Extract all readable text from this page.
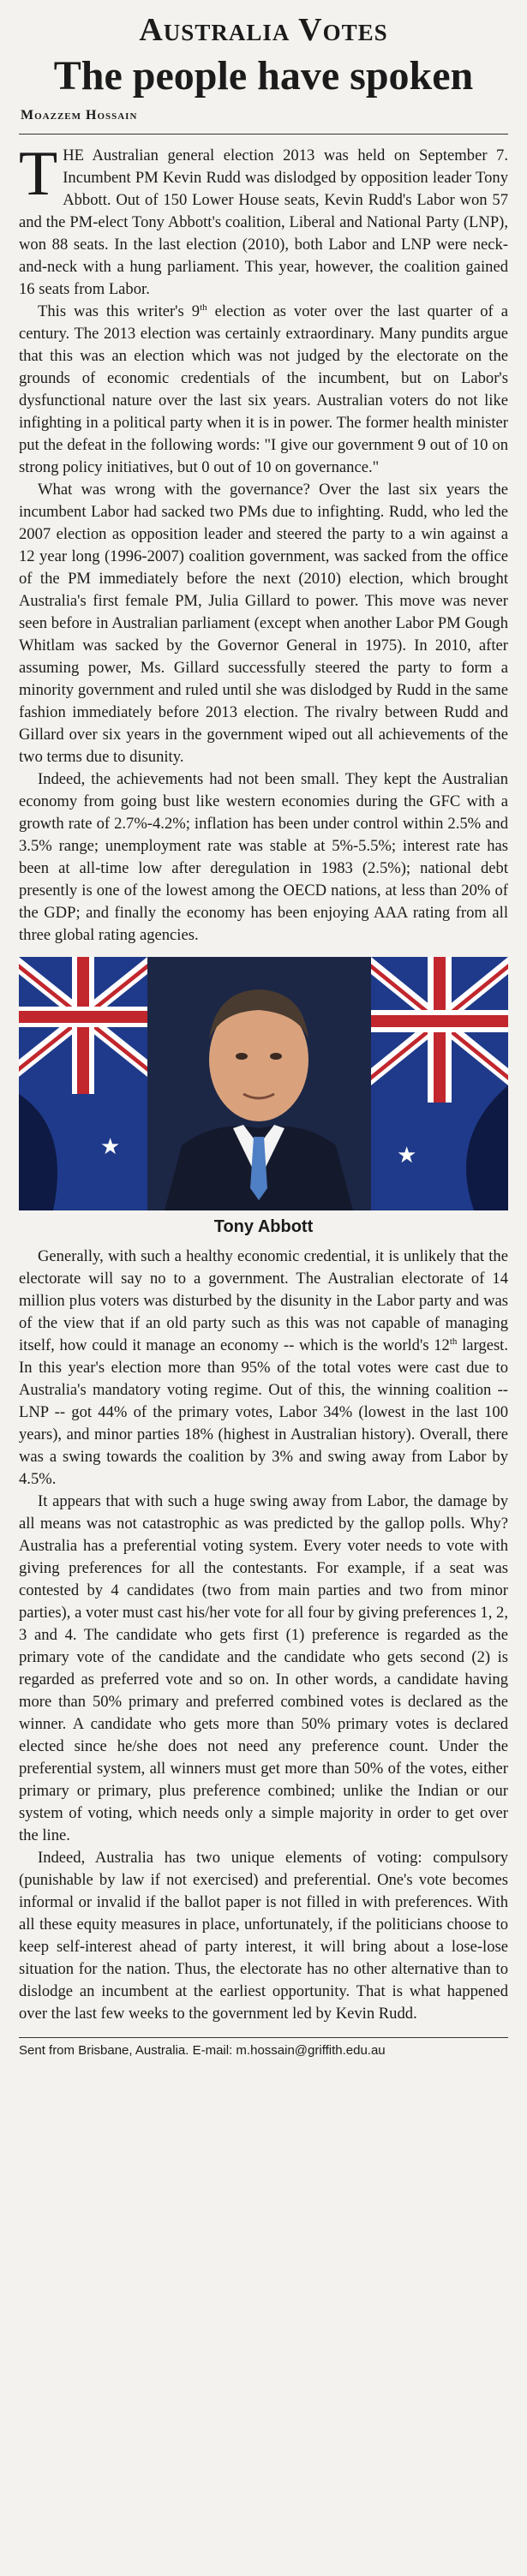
Australia Votes
The people have spoken
Moazzem Hossain

THE Australian general election 2013 was held on September 7. Incumbent PM Kevin Rudd was dislodged by opposition leader Tony Abbott. Out of 150 Lower House seats, Kevin Rudd's Labor won 57 and the PM-elect Tony Abbott's coalition, Liberal and National Party (LNP), won 88 seats. In the last election (2010), both Labor and LNP were neck-and-neck with a hung parliament. This year, however, the coalition gained 16 seats from Labor.

This was this writer's 9th election as voter over the last quarter of a century. The 2013 election was certainly extraordinary. Many pundits argue that this was an election which was not judged by the electorate on the grounds of economic credentials of the incumbent, but on Labor's dysfunctional nature over the last six years. Australian voters do not like infighting in a political party when it is in power. The former health minister put the defeat in the following words: "I give our government 9 out of 10 on strong policy initiatives, but 0 out of 10 on governance."

What was wrong with the governance? Over the last six years the incumbent Labor had sacked two PMs due to infighting. Rudd, who led the 2007 election as opposition leader and steered the party to a win against a 12 year long (1996-2007) coalition government, was sacked from the office of the PM immediately before the next (2010) election, which brought Australia's first female PM, Julia Gillard to power. This move was never seen before in Australian parliament (except when another Labor PM Gough Whitlam was sacked by the Governor General in 1975). In 2010, after assuming power, Ms. Gillard successfully steered the party to form a minority government and ruled until she was dislodged by Rudd in the same fashion immediately before 2013 election. The rivalry between Rudd and Gillard over six years in the government wiped out all achievements of the two terms due to disunity.

Indeed, the achievements had not been small. They kept the Australian economy from going bust like western economies during the GFC with a growth rate of 2.7%-4.2%; inflation has been under control within 2.5% and 3.5% range; unemployment rate was stable at 5%-5.5%; interest rate has been at all-time low after deregulation in 1983 (2.5%); national debt presently is one of the lowest among the OECD nations, at less than 20% of the GDP; and finally the economy has been enjoying AAA rating from all three global rating agencies.

★	★
Tony Abbott

Generally, with such a healthy economic credential, it is unlikely that the electorate will say no to a government. The Australian electorate of 14 million plus voters was disturbed by the disunity in the Labor party and was of the view that if an old party such as this was not capable of managing itself, how could it manage an economy -- which is the world's 12th largest. In this year's election more than 95% of the total votes were cast due to Australia's mandatory voting regime. Out of this, the winning coalition -- LNP -- got 44% of the primary votes, Labor 34% (lowest in the last 100 years), and minor parties 18% (highest in Australian history). Overall, there was a swing towards the coalition by 3% and swing away from Labor by 4.5%.

It appears that with such a huge swing away from Labor, the damage by all means was not catastrophic as was predicted by the gallop polls. Why? Australia has a preferential voting system. Every voter needs to vote with giving preferences for all the contestants. For example, if a seat was contested by 4 candidates (two from main parties and two from minor parties), a voter must cast his/her vote for all four by giving preferences 1, 2, 3 and 4. The candidate who gets first (1) preference is regarded as the primary vote of the candidate and the candidate who gets second (2) is regarded as preferred vote and so on. In other words, a candidate having more than 50% primary and preferred combined votes is declared as the winner. A candidate who gets more than 50% primary votes is declared elected since he/she does not need any preference count. Under the preferential system, all winners must get more than 50% of the votes, either primary or primary, plus preference combined; unlike the Indian or our system of voting, which needs only a simple majority in order to get over the line.

Indeed, Australia has two unique elements of voting: compulsory (punishable by law if not exercised) and preferential. One's vote becomes informal or invalid if the ballot paper is not filled in with preferences. With all these equity measures in place, unfortunately, if the politicians choose to keep self-interest ahead of party interest, it will bring about a lose-lose situation for the nation. Thus, the electorate has no other alternative than to dislodge an incumbent at the earliest opportunity. That is what happened over the last few weeks to the government led by Kevin Rudd.

Sent from Brisbane, Australia. E-mail: m.hossain@griffith.edu.au
